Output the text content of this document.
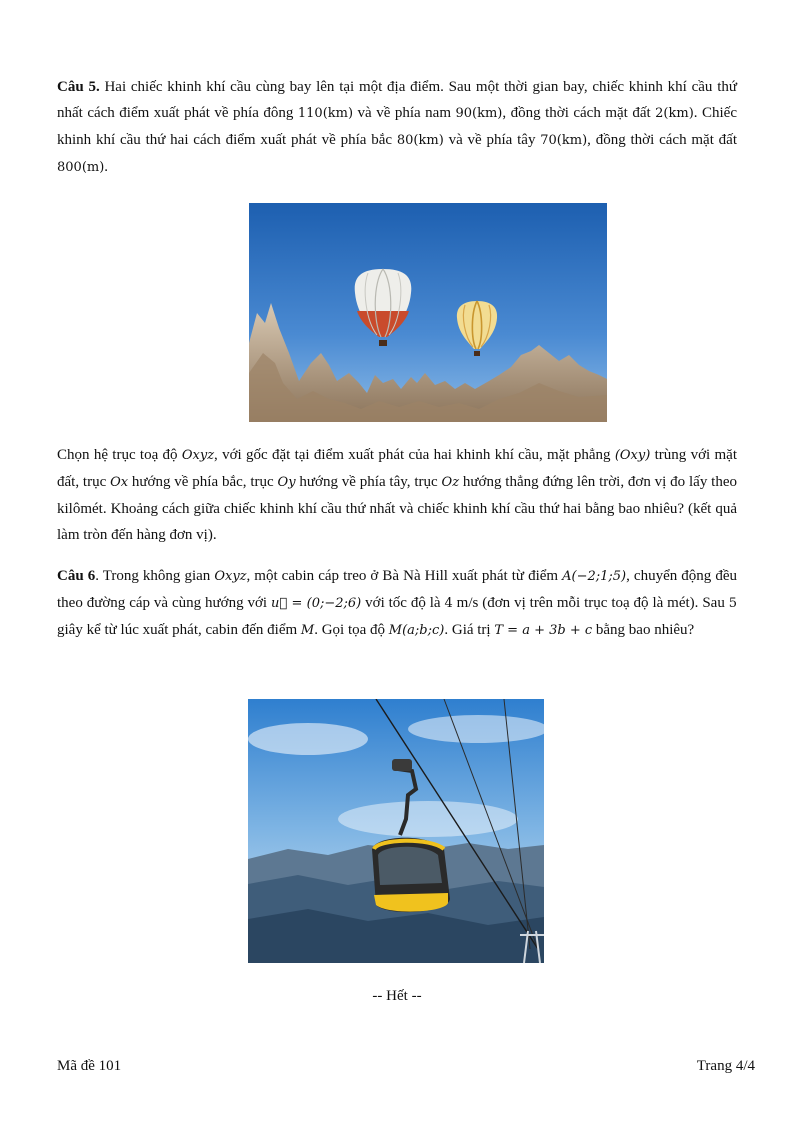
Câu 5. Hai chiếc khinh khí cầu cùng bay lên tại một địa điểm. Sau một thời gian bay, chiếc khinh khí cầu thứ nhất cách điểm xuất phát về phía đông 110(km) và về phía nam 90(km), đồng thời cách mặt đất 2(km). Chiếc khinh khí cầu thứ hai cách điểm xuất phát về phía bắc 80(km) và về phía tây 70(km), đồng thời cách mặt đất 800(m).

Chọn hệ trục toạ độ Oxyz, với gốc đặt tại điểm xuất phát của hai khinh khí cầu, mặt phẳng (Oxy) trùng với mặt đất, trục Ox hướng về phía bắc, trục Oy hướng về phía tây, trục Oz hướng thẳng đứng lên trời, đơn vị đo lấy theo kilômét. Khoảng cách giữa chiếc khinh khí cầu thứ nhất và chiếc khinh khí cầu thứ hai bằng bao nhiêu? (kết quả làm tròn đến hàng đơn vị).

Câu 6. Trong không gian Oxyz, một cabin cáp treo ở Bà Nà Hill xuất phát từ điểm A(−2;1;5), chuyển động đều theo đường cáp và cùng hướng với u⃗ = (0;−2;6) với tốc độ là 4 m/s (đơn vị trên mỗi trục toạ độ là mét). Sau 5 giây kể từ lúc xuất phát, cabin đến điểm M. Gọi tọa độ M(a;b;c). Giá trị T = a + 3b + c bằng bao nhiêu?

-- Hết --
Mã đề 101	Trang 4/4
